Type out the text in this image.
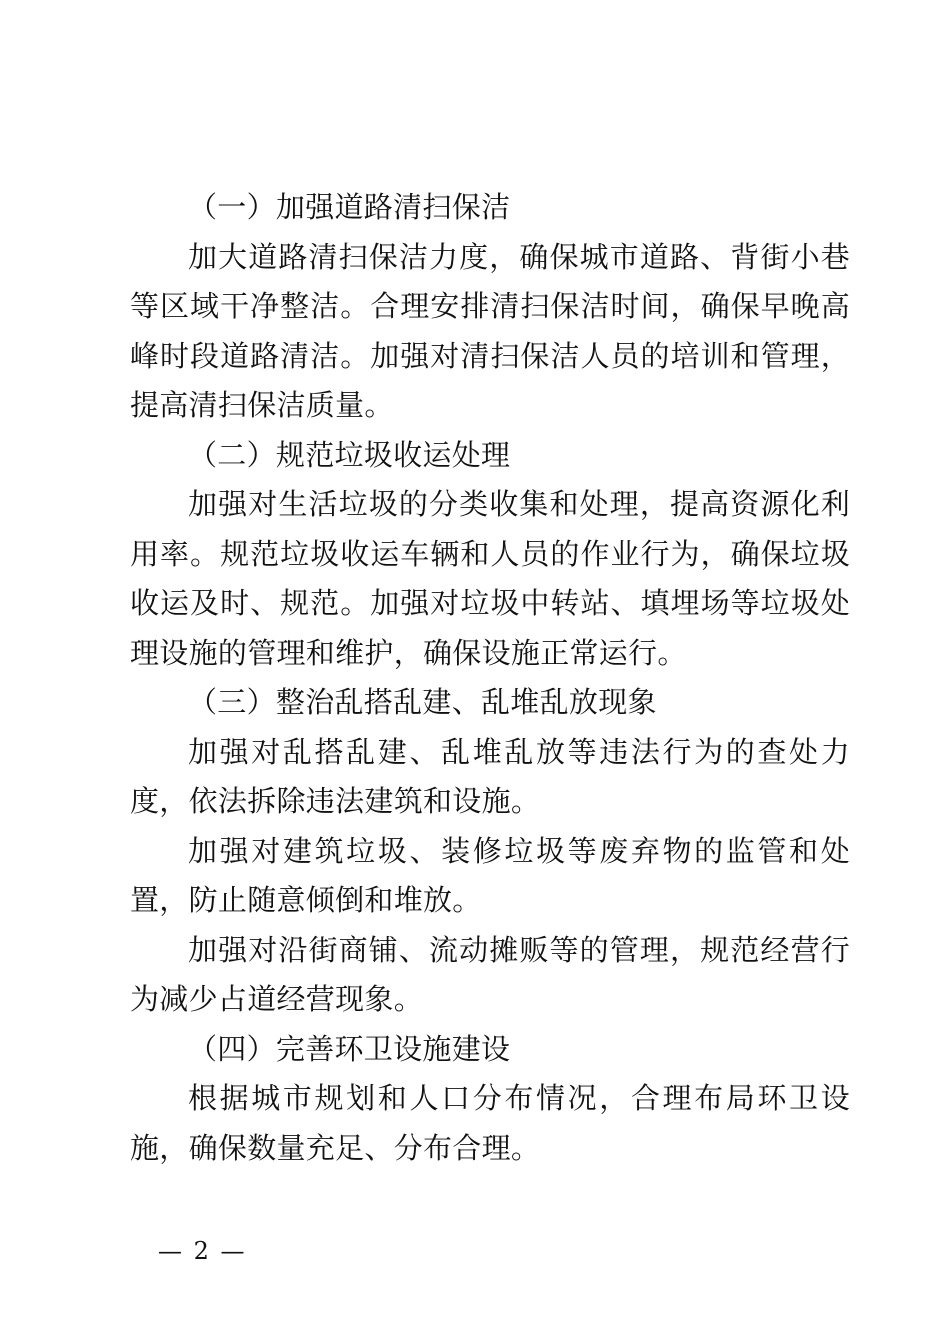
（一）加强道路清扫保洁

加大道路清扫保洁力度，确保城市道路、背街小巷等区域干净整洁。合理安排清扫保洁时间，确保早晚高峰时段道路清洁。加强对清扫保洁人员的培训和管理，提高清扫保洁质量。

（二）规范垃圾收运处理

加强对生活垃圾的分类收集和处理，提高资源化利用率。规范垃圾收运车辆和人员的作业行为，确保垃圾收运及时、规范。加强对垃圾中转站、填埋场等垃圾处理设施的管理和维护，确保设施正常运行。

（三）整治乱搭乱建、乱堆乱放现象

加强对乱搭乱建、乱堆乱放等违法行为的查处力度，依法拆除违法建筑和设施。

加强对建筑垃圾、装修垃圾等废弃物的监管和处置，防止随意倾倒和堆放。

加强对沿街商铺、流动摊贩等的管理，规范经营行为减少占道经营现象。

（四）完善环卫设施建设

根据城市规划和人口分布情况，合理布局环卫设施，确保数量充足、分布合理。

— 2 —
